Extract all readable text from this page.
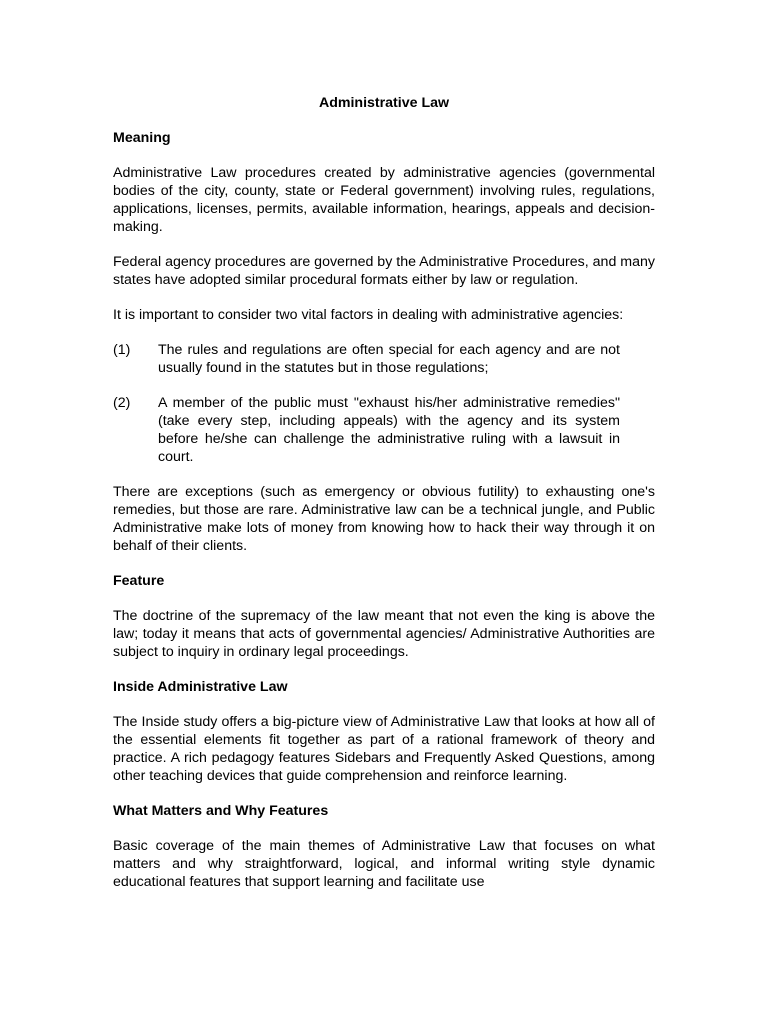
Administrative Law
Meaning
Administrative Law procedures created by administrative agencies (governmental bodies of the city, county, state or Federal government) involving rules, regulations, applications, licenses, permits, available information, hearings, appeals and decision-making.
Federal agency procedures are governed by the Administrative Procedures, and many states have adopted similar procedural formats either by law or regulation.
It is important to consider two vital factors in dealing with administrative agencies:
(1)	The rules and regulations are often special for each agency and are not usually found in the statutes but in those regulations;
(2)	A member of the public must "exhaust his/her administrative remedies" (take every step, including appeals) with the agency and its system before he/she can challenge the administrative ruling with a lawsuit in court.
There are exceptions (such as emergency or obvious futility) to exhausting one's remedies, but those are rare. Administrative law can be a technical jungle, and Public Administrative make lots of money from knowing how to hack their way through it on behalf of their clients.
Feature
The doctrine of the supremacy of the law meant that not even the king is above the law; today it means that acts of governmental agencies/ Administrative Authorities are subject to inquiry in ordinary legal proceedings.
Inside Administrative Law
The Inside study offers a big-picture view of Administrative Law that looks at how all of the essential elements fit together as part of a rational framework of theory and practice. A rich pedagogy features Sidebars and Frequently Asked Questions, among other teaching devices that guide comprehension and reinforce learning.
What Matters and Why Features
Basic coverage of the main themes of Administrative Law that focuses on what matters and why straightforward, logical, and informal writing style dynamic educational features that support learning and facilitate use
